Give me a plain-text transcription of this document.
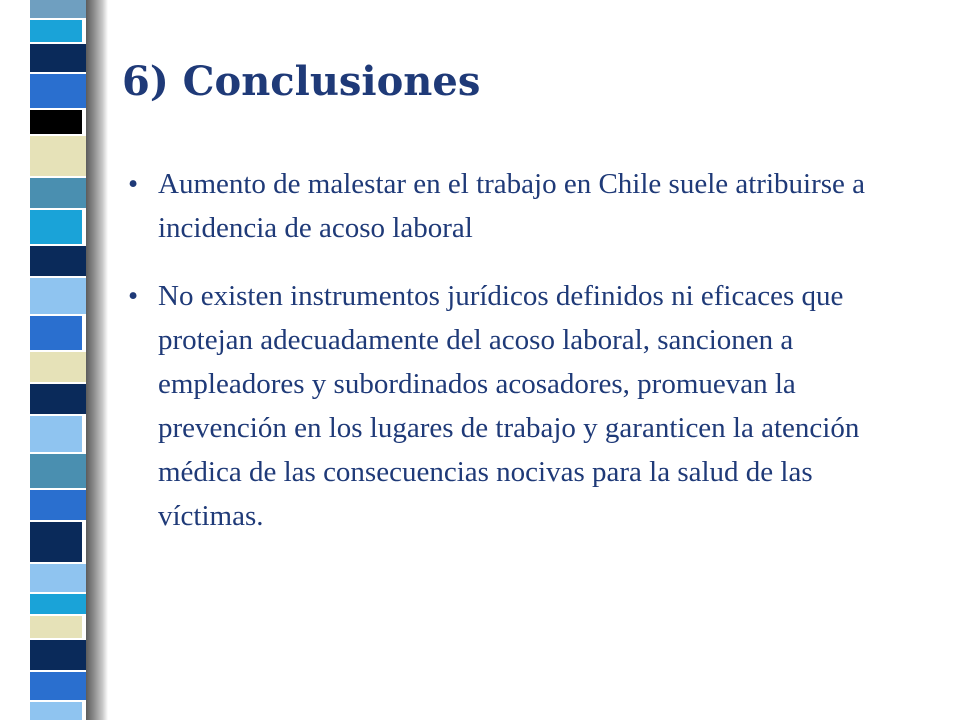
6) Conclusiones
• Aumento de malestar en el trabajo en Chile suele atribuirse a incidencia de acoso laboral
• No existen instrumentos jurídicos definidos ni eficaces que protejan adecuadamente del acoso laboral, sancionen a empleadores y subordinados acosadores, promuevan la prevención en los lugares de trabajo y garanticen la atención médica de las consecuencias nocivas para la salud de las víctimas.
